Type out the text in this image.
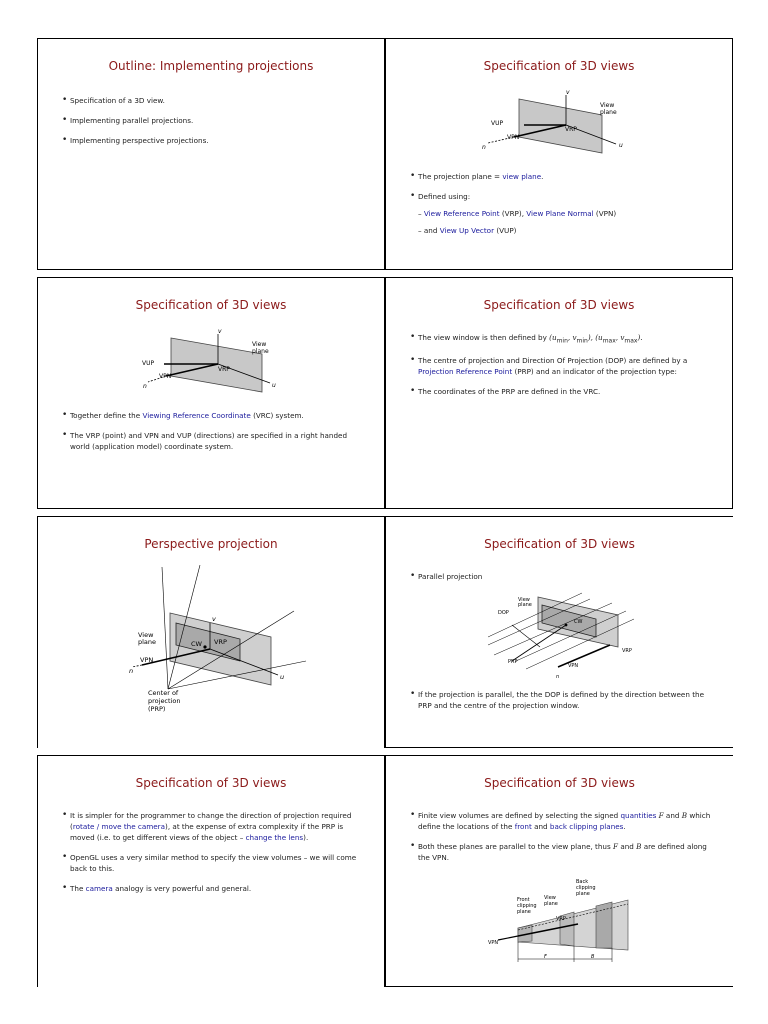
Outline: Implementing projections
• Specification of a 3D view.
• Implementing parallel projections.
• Implementing perspective projections.
Specification of 3D views
v
View
plane
VUP
VPN
VRP
n	u
• The projection plane = view plane.
• Defined using:
– View Reference Point (VRP), View Plane Normal (VPN)
– and View Up Vector (VUP)
Specification of 3D views
v
View
plane
VUP
VPN
VRP
n	u
• Together define the Viewing Reference Coordinate (VRC) system.
• The VRP (point) and VPN and VUP (directions) are specified in a right handed world (application model) coordinate system.
Specification of 3D views
• The view window is then defined by ($u_{min}$, $v_{min}$), ($u_{max}$, $v_{max}$).
• The centre of projection and Direction Of Projection (DOP) are defined by a Projection Reference Point (PRP) and an indicator of the projection type:
• The coordinates of the PRP are defined in the VRC.
Perspective projection
View
plane
v
CW VRP
VPN
n
u
Center of
projection
(PRP)
Specification of 3D views
• Parallel projection
View
plane
DOP
CW
PRP
VPN
VRP
n
• If the projection is parallel, the the DOP is defined by the direction between the PRP and the centre of the projection window.
Specification of 3D views
• It is simpler for the programmer to change the direction of projection required (rotate / move the camera), at the expense of extra complexity if the PRP is moved (i.e. to get different views of the object – change the lens).
• OpenGL uses a very similar method to specify the view volumes – we will come back to this.
• The camera analogy is very powerful and general.
Specification of 3D views
• Finite view volumes are defined by selecting the signed quantities F and B which define the locations of the front and back clipping planes.
• Both these planes are parallel to the view plane, thus F and B are defined along the VPN.
Back
clipping
plane
Front
clipping
plane
View
plane
VRP
VPN
F	B
